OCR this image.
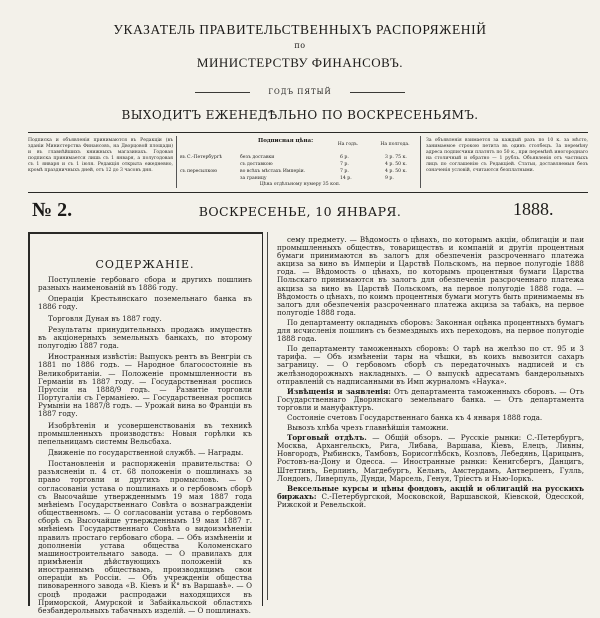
УКАЗАТЕЛЬ ПРАВИТЕЛЬСТВЕННЫХЪ РАСПОРЯЖЕНІЙ
по
МИНИСТЕРСТВУ ФИНАНСОВЪ.
ГОДЪ ПЯТЫЙ
ВЫХОДИТЪ ЕЖЕНЕДѢЛЬНО ПО ВОСКРЕСЕНЬЯМЪ.

Подписка и объявленія принимаются въ Редакціи (въ зданіи Министерства Финансовъ, на Дворцовой площади) и въ главнѣйшихъ книжныхъ магазинахъ. Годовая подписка принимается лишь съ 1 января, а полугодовая съ 1 января и съ 1 іюля. Редакція открыта ежедневно, кромѣ праздничныхъ дней, отъ 12 до 3 часовъ дня.

Подписная цѣна:
На годъ.	На полгода.
въ С.-Петербургѣ	безъ доставки	6 р.	3 р. 75 к.
съ доставкою	7 р.	4 р. 50 к.
съ пересылкою	во всѣхъ мѣстахъ Имперіи.	7 р.	4 р. 50 к.
за границу	14 р.	9 р.
Цѣна отдѣльному нумеру 35 коп.

За объявленія взимается за каждый разъ по 10 к. за мѣсто, занимаемое строкою петита въ одинъ столбецъ. За перемѣну адреса подписчики платятъ по 50 к., при перемѣнѣ иногороднаго на столичный и обратно — 1 рубль. Объявленія отъ частныхъ лицъ по соглашенію съ Редакціей. Статьи, доставляемыя безъ означенія условій, считаются безплатными.

№ 2.	ВОСКРЕСЕНЬЕ, 10 ЯНВАРЯ.	1888.
СОДЕРЖАНІЕ.

Поступленіе гербоваго сбора и другихъ пошлинъ разныхъ наименованій въ 1886 году.

Операціи Крестьянскаго поземельнаго банка въ 1886 году.

Торговля Дуная въ 1887 году.

Результаты принудительныхъ продажъ имуществъ въ акціонерныхъ земельныхъ банкахъ, по второму полугодію 1887 года.

Иностранныя извѣстія: Выпускъ рентъ въ Венгріи съ 1881 по 1886 годъ. — Народное благосостояніе въ Великобританіи. — Положеніе промышленности въ Германіи въ 1887 году. — Государственная роспись Пруссіи на 1888/9 годъ. — Развитіе торговли Португаліи съ Германіею. — Государственная роспись Румыніи на 1887/8 годъ. — Урожай вина во Франціи въ 1887 году.

Изобрѣтенія и усовершенствованія въ техникѣ промышленныхъ производствъ: Новыя горѣлки къ пепельницамъ системы Вельсбаха.

Движеніе по государственной службѣ. — Награды.

Постановленія и распоряженія правительства: О разъясненіи п. 4 ст. 68 положенія о пошлинахъ за право торговли и другихъ промысловъ. — О согласованіи устава о пошлинахъ и о гербовомъ сборѣ съ Высочайше утвержденнымъ 19 мая 1887 года мнѣніемъ Государственнаго Совѣта о вознагражденіи общественномъ. — О согласованіи устава о гербовомъ сборѣ съ Высочайше утвержденнымъ 19 мая 1887 г. мнѣніемъ Государственнаго Совѣта о видоизмѣненіи правилъ простаго гербоваго сбора. — Объ измѣненіи и дополненіи устава общества Коломенскаго машиностроительнаго завода. — О правилахъ для примѣненія дѣйствующихъ положеній къ иностраннымъ обществамъ, производящимъ свои операціи въ Россіи. — Объ учрежденіи общества пивоваренного завода «В. Кіевъ и К° въ Варшавѣ». — О сроцѣ продажи распродажи находящихся въ Приморской, Амурской и Забайкальской областяхъ безбандерольныхъ табачныхъ изделій. — О пошлинахъ.

сему предмету. — Вѣдомость о цѣнахъ, по которымъ акціи, облигаціи и паи промышленныхъ обществъ, товариществъ и компаній и другія процентныя бумаги принимаются въ залогъ для обезпеченія разсроченнаго платежа акциза за вино въ Имперіи и Царствѣ Польскомъ, на первое полугодіе 1888 года. — Вѣдомость о цѣнахъ, по которымъ процентныя бумаги Царства Польскаго принимаются въ залогъ для обезпеченія разсроченнаго платежа акциза за вино въ Царствѣ Польскомъ, на первое полугодіе 1888 года. — Вѣдомость о цѣнахъ, по коимъ процентныя бумаги могутъ быть принимаемы въ залогъ для обезпеченія разсроченнаго платежа акциза за табакъ, на первое полугодіе 1888 года.

По департаменту окладныхъ сборовъ: Законная оцѣнка процентныхъ бумагъ для исчисленія пошлинъ съ безмездныхъ ихъ переходовъ, на первое полугодіе 1888 года.

По департаменту таможенныхъ сборовъ: О тарѣ на желѣзо по ст. 95 и 3 тарифа. — Объ измѣненіи тары на чѣшки, въ коихъ вывозится сахаръ заграницу. — О гербовомъ сборѣ съ передаточныхъ надписей и съ желѣзнодорожныхъ накладныхъ. — О выпускѣ адресатамъ бандерольныхъ отправленій съ надписанными въ Имп журналомъ «Наука».

Извѣщенія и заявленія: Отъ департамента таможенныхъ сборовъ. — Отъ Государственнаго Дворянскаго земельнаго банка. — Отъ департамента торговли и мануфактуръ.

Состояніе счетовъ Государственнаго банка къ 4 января 1888 года.

Вывозъ хлѣба чрезъ главнѣйшія таможни.

Торговый отдѣлъ. — Общій обзоръ. — Русскіе рынки: С.-Петербургъ, Москва, Архангельскъ, Рига, Либава, Варшава, Кіевъ, Елецъ, Ливны, Новгородъ, Рыбинскъ, Тамбовъ, Борисоглѣбскъ, Козловъ, Лебедянь, Царицынъ, Ростовъ-на-Дону и Одесса. — Иностранные рынки: Кенигсбергъ, Данцигъ, Штеттинъ, Берлинъ, Магдебургъ, Кельнъ, Амстердамъ, Антверпенъ, Гулль, Лондонъ, Ливерпуль, Дунди, Марсель, Генуя, Тріестъ и Нью-Іоркъ.

Вексельные курсы и цѣны фондовъ, акцій и облигацій на русскихъ биржахъ: С.-Петербургской, Московской, Варшавской, Кіевской, Одесской, Рижской и Ревельской.
